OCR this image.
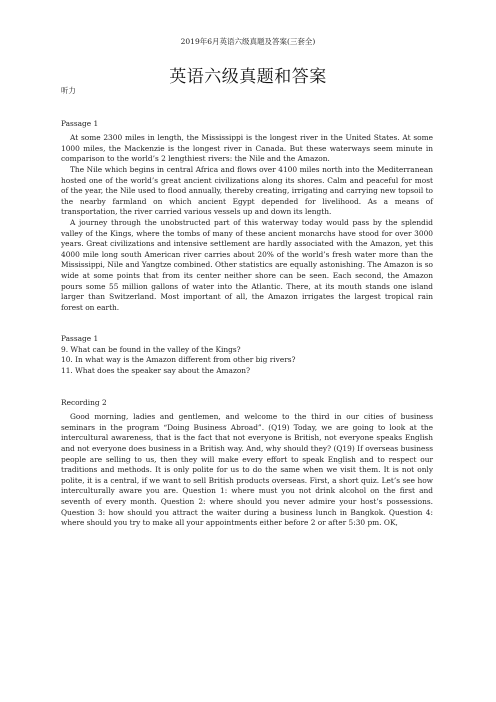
2019年6月英语六级真题及答案(三套全)
英语六级真题和答案

听力

Passage 1

At some 2300 miles in length, the Mississippi is the longest river in the United States. At some 1000 miles, the Mackenzie is the longest river in Canada. But these waterways seem minute in comparison to the world’s 2 lengthiest rivers: the Nile and the Amazon.

The Nile which begins in central Africa and flows over 4100 miles north into the Mediterranean hosted one of the world’s great ancient civilizations along its shores. Calm and peaceful for most of the year, the Nile used to flood annually, thereby creating, irrigating and carrying new topsoil to the nearby farmland on which ancient Egypt depended for livelihood. As a means of transportation, the river carried various vessels up and down its length.

A journey through the unobstructed part of this waterway today would pass by the splendid valley of the Kings, where the tombs of many of these ancient monarchs have stood for over 3000 years. Great civilizations and intensive settlement are hardly associated with the Amazon, yet this 4000 mile long south American river carries about 20% of the world’s fresh water more than the Mississippi, Nile and Yangtze combined. Other statistics are equally astonishing. The Amazon is so wide at some points that from its center neither shore can be seen. Each second, the Amazon pours some 55 million gallons of water into the Atlantic. There, at its mouth stands one island larger than Switzerland. Most important of all, the Amazon irrigates the largest tropical rain forest on earth.

Passage 1

9. What can be found in the valley of the Kings?

10. In what way is the Amazon different from other big rivers?

11. What does the speaker say about the Amazon?

Recording 2

Good morning, ladies and gentlemen, and welcome to the third in our cities of business seminars in the program “Doing Business Abroad”. (Q19) Today, we are going to look at the intercultural awareness, that is the fact that not everyone is British, not everyone speaks English and not everyone does business in a British way. And, why should they? (Q19) If overseas business people are selling to us, then they will make every effort to speak English and to respect our traditions and methods. It is only polite for us to do the same when we visit them. It is not only polite, it is a central, if we want to sell British products overseas. First, a short quiz. Let’s see how interculturally aware you are. Question 1: where must you not drink alcohol on the first and seventh of every month. Question 2: where should you never admire your host’s possessions. Question 3: how should you attract the waiter during a business lunch in Bangkok. Question 4: where should you try to make all your appointments either before 2 or after 5:30 pm. OK,
